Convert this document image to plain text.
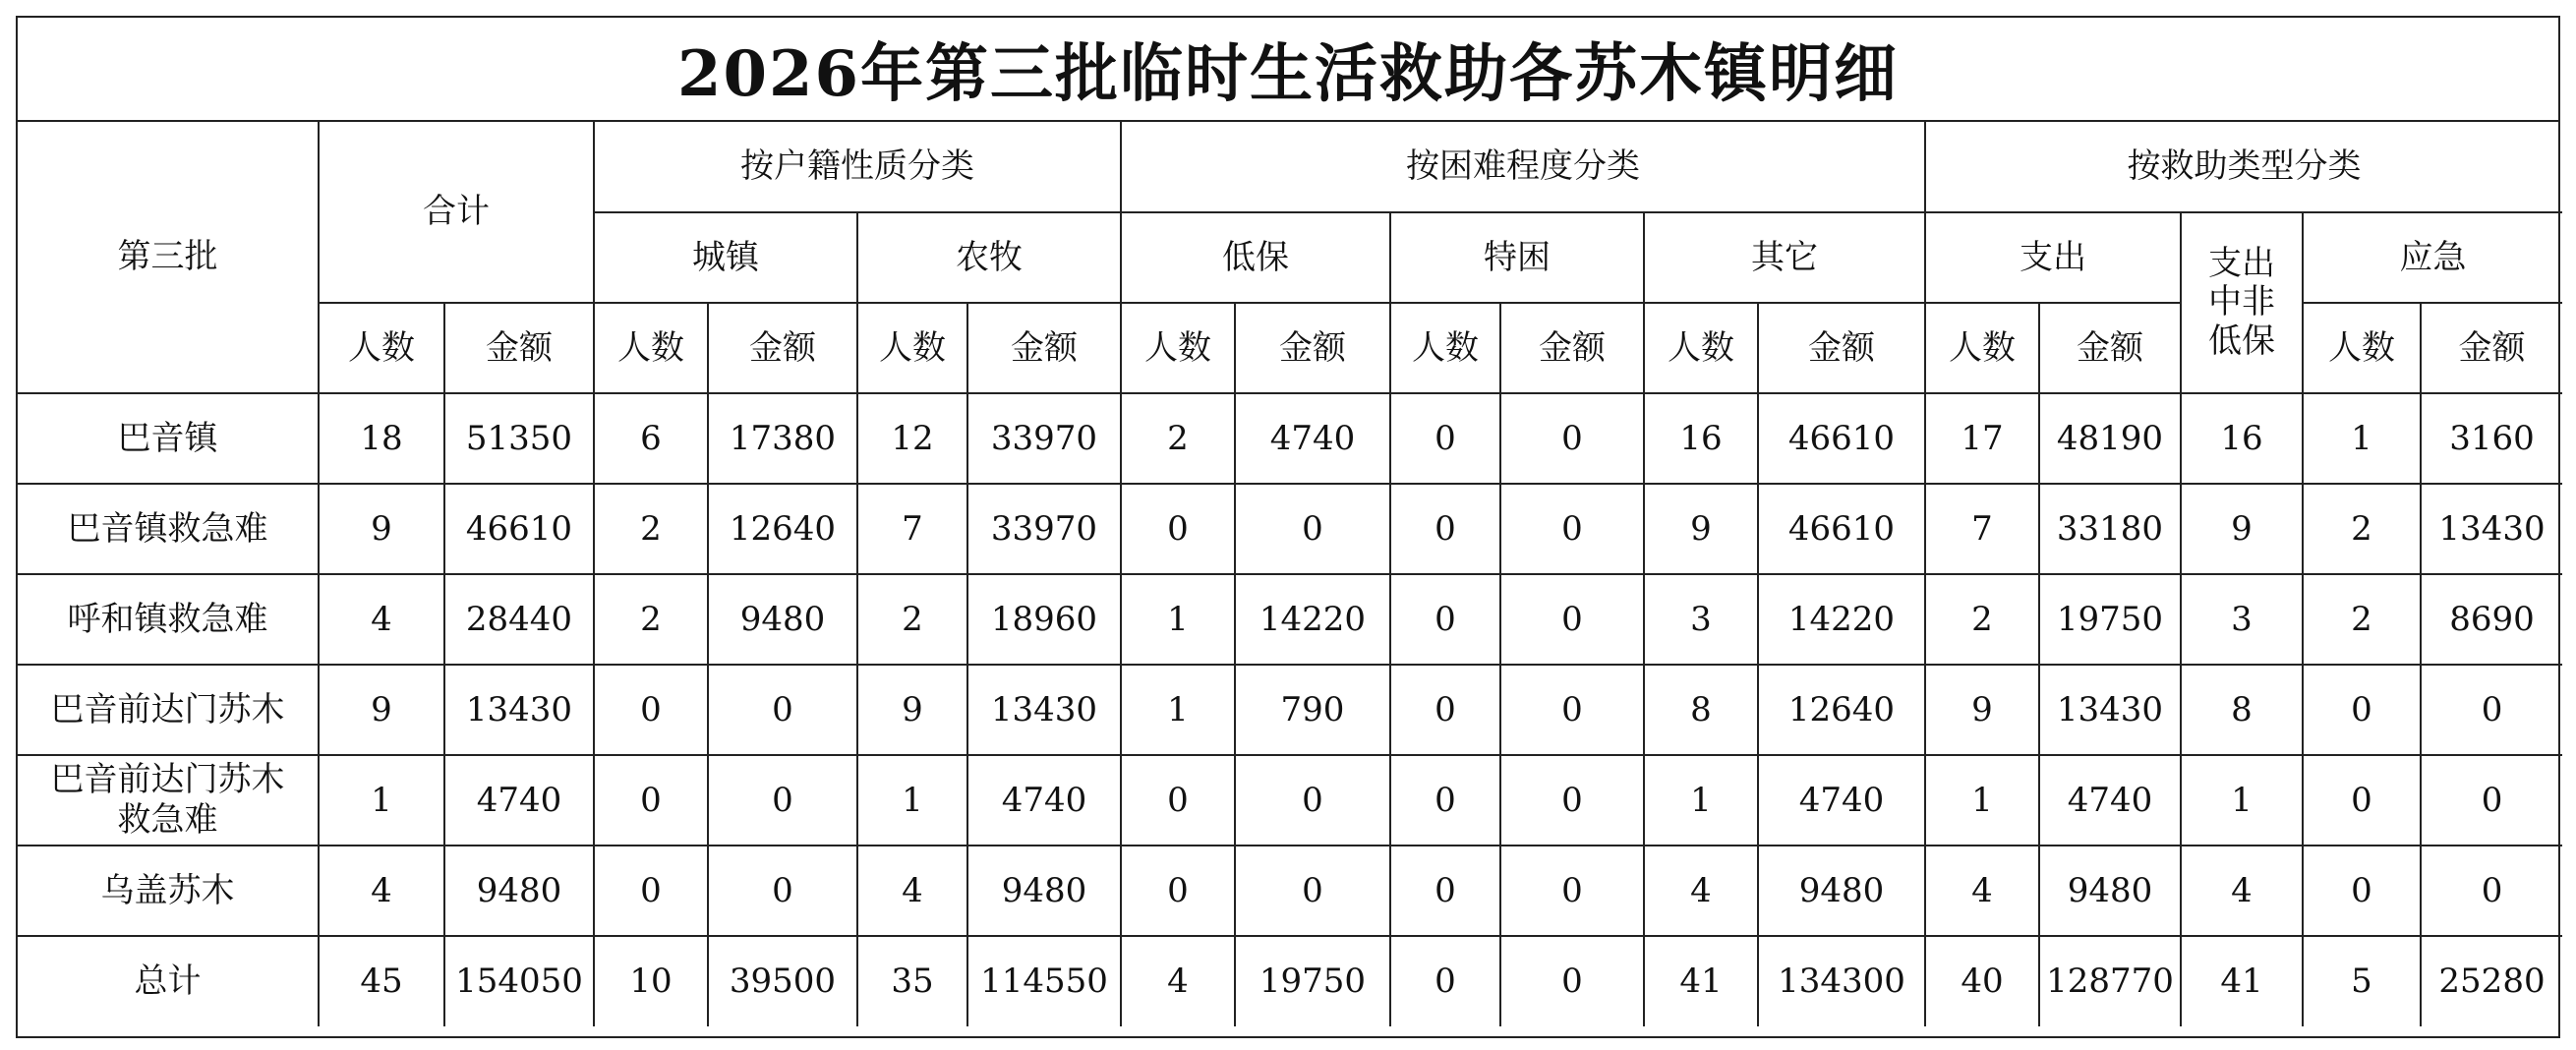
2026年第三批临时生活救助各苏木镇明细
第三批	合计		按户籍性质分类				按困难程度分类						按救助类型分类				
			城镇		农牧		低保		特困		其它		支出		支出中非低保	应急	
	人数	金额	人数	金额	人数	金额	人数	金额	人数	金额	人数	金额	人数	金额		人数	金额
巴音镇	18	51350	6	17380	12	33970	2	4740	0	0	16	46610	17	48190	16	1	3160
巴音镇救急难	9	46610	2	12640	7	33970	0	0	0	0	9	46610	7	33180	9	2	13430
呼和镇救急难	4	28440	2	9480	2	18960	1	14220	0	0	3	14220	2	19750	3	2	8690
巴音前达门苏木	9	13430	0	0	9	13430	1	790	0	0	8	12640	9	13430	8	0	0
巴音前达门苏木救急难	1	4740	0	0	1	4740	0	0	0	0	1	4740	1	4740	1	0	0
乌盖苏木	4	9480	0	0	4	9480	0	0	0	0	4	9480	4	9480	4	0	0
总计	45	154050	10	39500	35	114550	4	19750	0	0	41	134300	40	128770	41	5	25280
